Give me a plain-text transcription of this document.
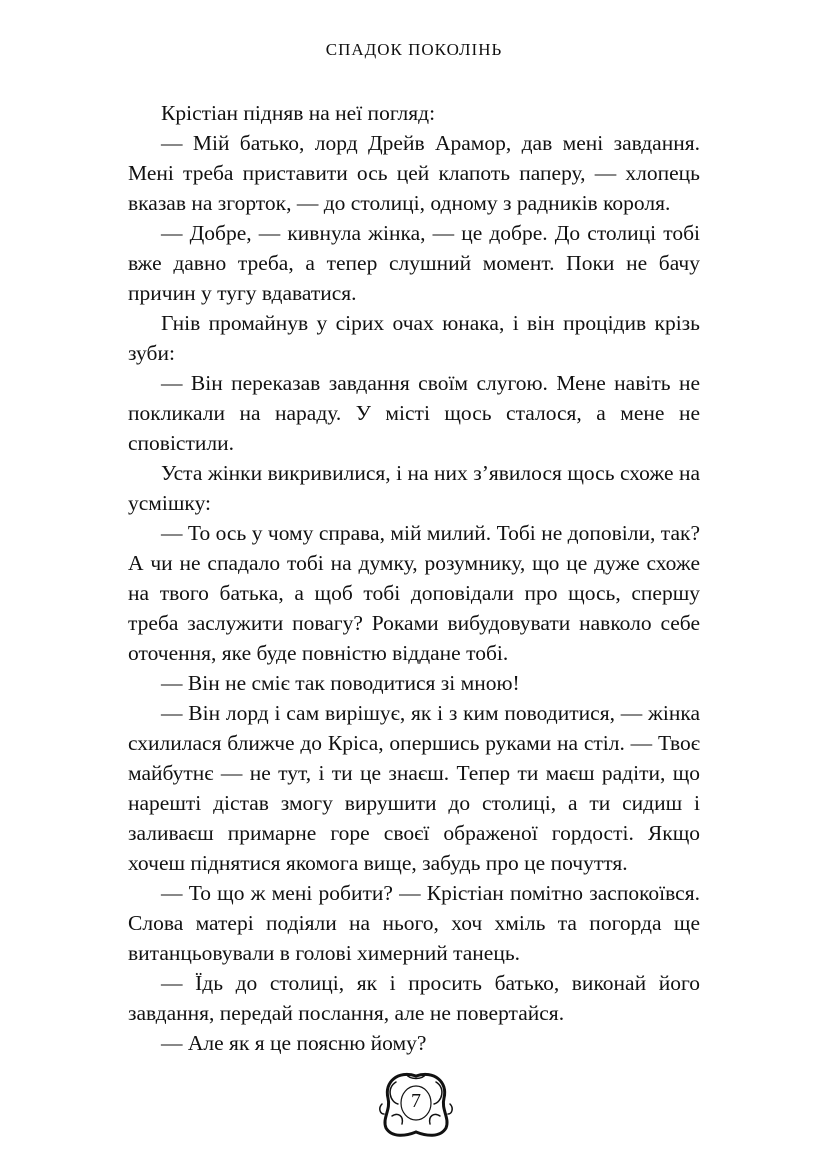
СПАДОК ПОКОЛІНЬ

Крістіан підняв на неї погляд:

— Мій батько, лорд Дрейв Арамор, дав мені завдання. Мені треба приставити ось цей клапоть паперу, — хлопець вказав на згорток, — до столиці, одному з радників короля.

— Добре, — кивнула жінка, — це добре. До столиці тобі вже давно треба, а тепер слушний момент. Поки не бачу причин у тугу вдаватися.

Гнів промайнув у сірих очах юнака, і він процідив крізь зуби:

— Він переказав завдання своїм слугою. Мене навіть не покликали на нараду. У місті щось сталося, а мене не сповістили.

Уста жінки викривилися, і на них з’явилося щось схоже на усмішку:

— То ось у чому справа, мій милий. Тобі не доповіли, так? А чи не спадало тобі на думку, розумнику, що це дуже схоже на твого батька, а щоб тобі доповідали про щось, спершу треба заслужити повагу? Роками вибудовувати навколо себе оточення, яке буде повністю віддане тобі.

— Він не сміє так поводитися зі мною!

— Він лорд і сам вирішує, як і з ким поводитися, — жінка схилилася ближче до Кріса, опершись руками на стіл. — Твоє майбутнє — не тут, і ти це знаєш. Тепер ти маєш радіти, що нарешті дістав змогу вирушити до столиці, а ти сидиш і заливаєш примарне горе своєї ображеної гордості. Якщо хочеш піднятися якомога вище, забудь про це почуття.

— То що ж мені робити? — Крістіан помітно заспокоївся. Слова матері подіяли на нього, хоч хміль та погорда ще витанцьовували в голові химерний танець.

— Їдь до столиці, як і просить батько, виконай його завдання, передай послання, але не повертайся.

— Але як я це поясню йому?

7
